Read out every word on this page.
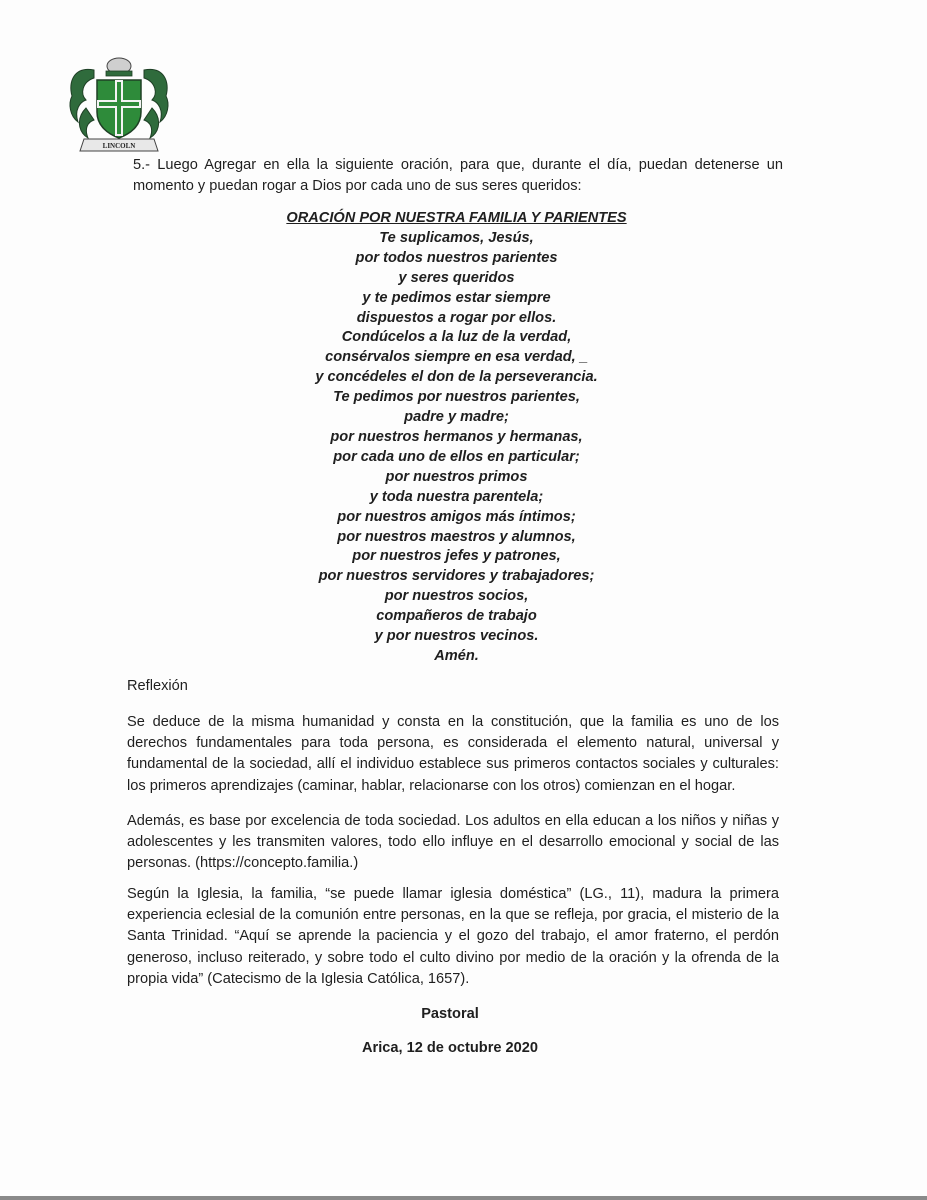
LINCOLN

5.- Luego Agregar en ella la siguiente oración, para que, durante el día, puedan detenerse un momento y puedan rogar a Dios por cada uno de sus seres queridos:

ORACIÓN POR NUESTRA FAMILIA Y PARIENTES
Te suplicamos, Jesús,
por todos nuestros parientes
y seres queridos
y te pedimos estar siempre
dispuestos a rogar por ellos.
Condúcelos a la luz de la verdad,
consérvalos siempre en esa verdad, _
y concédeles el don de la perseverancia.
Te pedimos por nuestros parientes,
padre y madre;
por nuestros hermanos y hermanas,
por cada uno de ellos en particular;
por nuestros primos
y toda nuestra parentela;
por nuestros amigos más íntimos;
por nuestros maestros y alumnos,
por nuestros jefes y patrones,
por nuestros servidores y trabajadores;
por nuestros socios,
compañeros de trabajo
y por nuestros vecinos.
Amén.
Reflexión

Se deduce de la misma humanidad y consta en la constitución, que la familia es uno de los derechos fundamentales para toda persona, es considerada el elemento natural, universal y fundamental de la sociedad, allí el individuo establece sus primeros contactos sociales y culturales: los primeros aprendizajes (caminar, hablar, relacionarse con los otros) comienzan en el hogar.

Además, es base por excelencia de toda sociedad. Los adultos en ella educan a los niños y niñas y adolescentes y les transmiten valores, todo ello influye en el desarrollo emocional y social de las personas. (https://concepto.familia.)

Según la Iglesia, la familia, “se puede llamar iglesia doméstica” (LG., 11), madura la primera experiencia eclesial de la comunión entre personas, en la que se refleja, por gracia, el misterio de la Santa Trinidad. “Aquí se aprende la paciencia y el gozo del trabajo, el amor fraterno, el perdón generoso, incluso reiterado, y sobre todo el culto divino por medio de la oración y la ofrenda de la propia vida” (Catecismo de la Iglesia Católica, 1657).

Pastoral
Arica, 12 de octubre 2020
